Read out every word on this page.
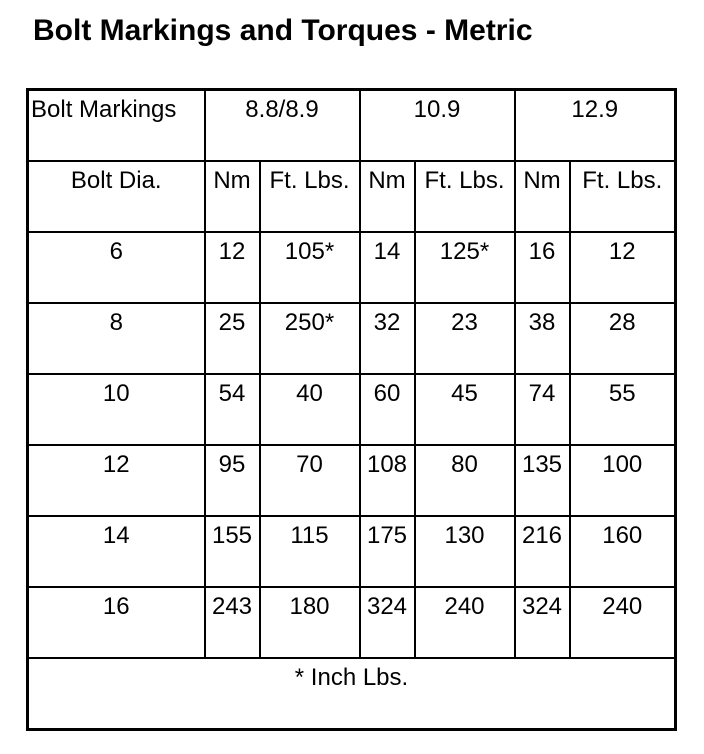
Bolt Markings and Torques - Metric
Bolt Markings	8.8/8.9		10.9		12.9	
Bolt Dia.	Nm	Ft. Lbs.	Nm	Ft. Lbs.	Nm	Ft. Lbs.
6	12	105*	14	125*	16	12
8	25	250*	32	23	38	28
10	54	40	60	45	74	55
12	95	70	108	80	135	100
14	155	115	175	130	216	160
16	243	180	324	240	324	240
* Inch Lbs.						
